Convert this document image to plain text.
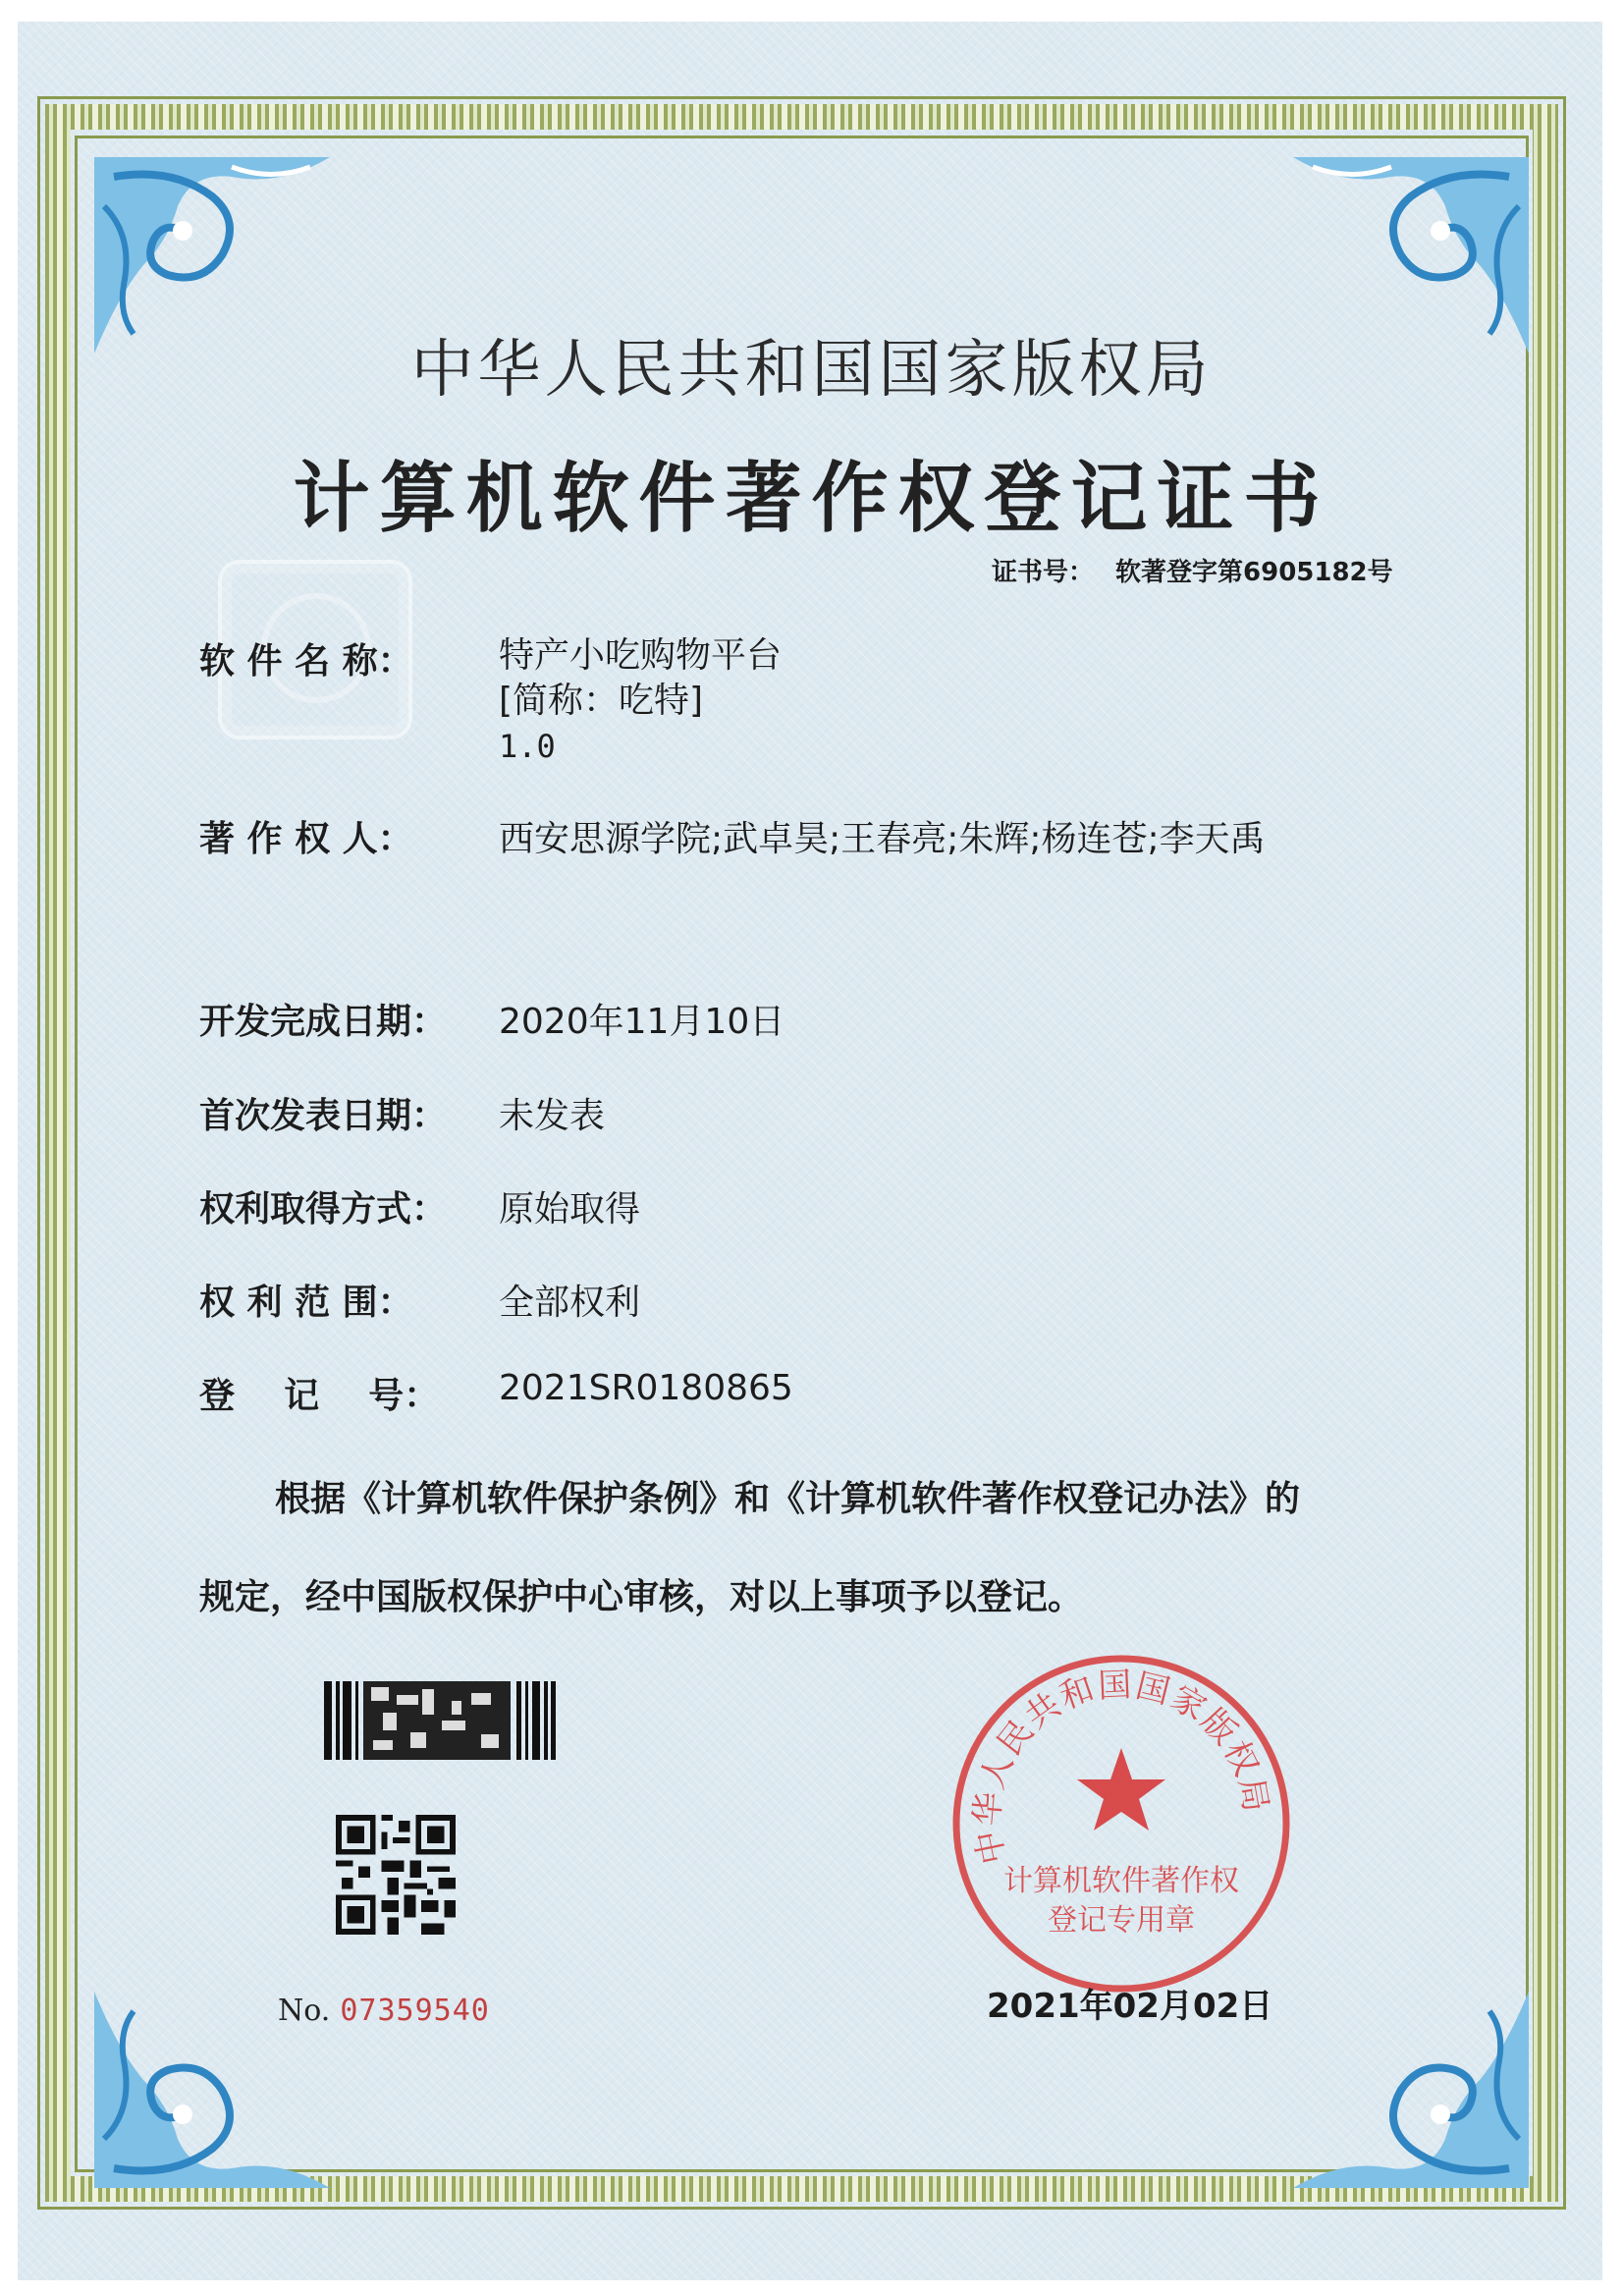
中华人民共和国国家版权局
计算机软件著作权登记证书
证书号： 软著登字第6905182号
软 件 名 称：	特产小吃购物平台
[简称：吃特]
1.0
著 作 权 人：	西安思源学院;武卓昊;王春亮;朱辉;杨连苍;李天禹
开发完成日期：	2020年11月10日
首次发表日期：	未发表
权利取得方式：	原始取得
权 利 范 围：	全部权利
登    记    号：	2021SR0180865
根据《计算机软件保护条例》和《计算机软件著作权登记办法》的
规定，经中国版权保护中心审核，对以上事项予以登记。
No. 07359540
中华人民共和国国家版权局
计算机软件著作权
登记专用章
2021年02月02日
